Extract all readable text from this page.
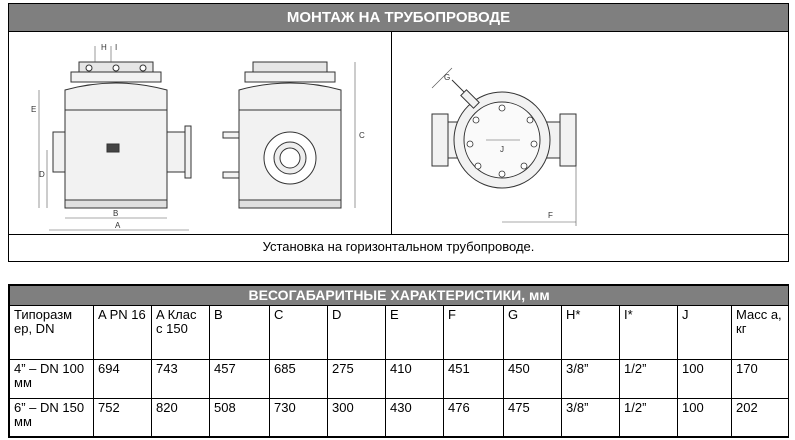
МОНТАЖ НА ТРУБОПРОВОДЕ
H I
E
D
B
A
C
G
J
F
Установка на горизонтальном трубопроводе.
ВЕСОГАБАРИТНЫЕ ХАРАКТЕРИСТИКИ, мм												
Типоразм ер, DN	A PN 16	A Клас с 150	B	C	D	E	F	G	H*	I*	J	Масс а, кг
4” – DN 100 мм	694	743	457	685	275	410	451	450	3/8”	1/2”	100	170
6” – DN 150 мм	752	820	508	730	300	430	476	475	3/8”	1/2”	100	202
